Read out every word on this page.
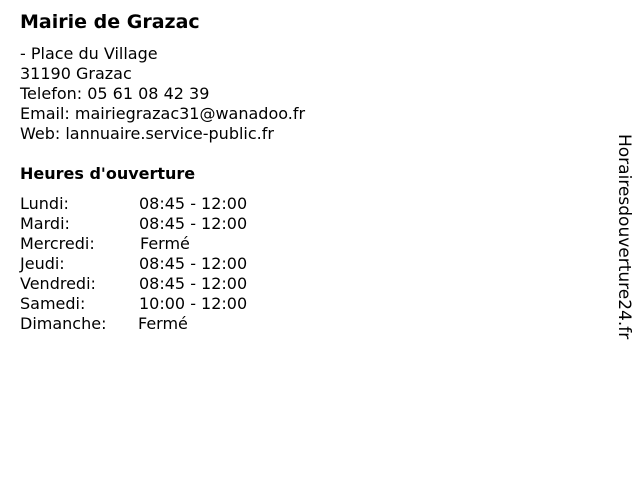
Mairie de Grazac
- Place du Village
31190 Grazac
Telefon: 05 61 08 42 39
Email: mairiegrazac31@wanadoo.fr
Web: lannuaire.service-public.fr
Heures d'ouverture
Lundi:	08:45 - 12:00
Mardi:	08:45 - 12:00
Mercredi:	Fermé
Jeudi:	08:45 - 12:00
Vendredi:	08:45 - 12:00
Samedi:	10:00 - 12:00
Dimanche: Fermé	Horairesdouverture24.fr
